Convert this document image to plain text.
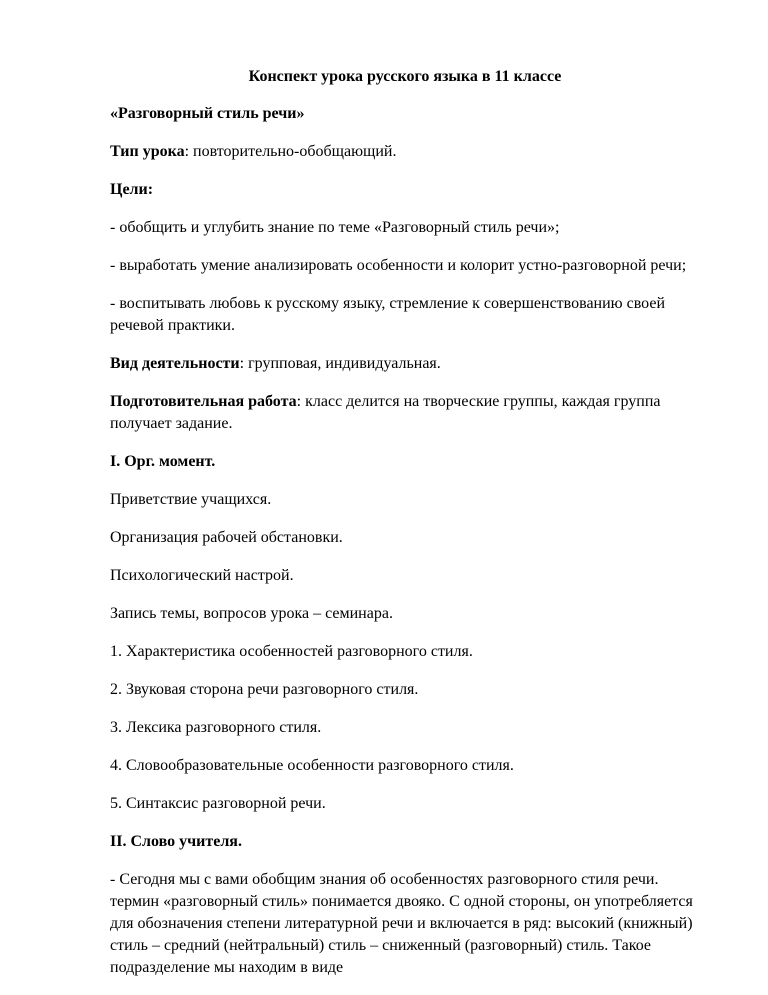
Конспект урока русского языка в 11 классе

«Разговорный стиль речи»

Тип урока: повторительно-обобщающий.

Цели:

- обобщить и углубить знание по теме «Разговорный стиль речи»;

- выработать умение анализировать особенности и колорит устно-разговорной речи;

- воспитывать любовь к русскому языку, стремление к совершенствованию своей речевой практики.

Вид деятельности: групповая, индивидуальная.

Подготовительная работа: класс делится на творческие группы, каждая группа получает задание.

I. Орг. момент.

Приветствие учащихся.

Организация рабочей обстановки.

Психологический настрой.

Запись темы, вопросов урока – семинара.

1. Характеристика особенностей разговорного стиля.

2. Звуковая сторона речи разговорного стиля.

3. Лексика разговорного стиля.

4. Словообразовательные особенности разговорного стиля.

5. Синтаксис разговорной речи.

II. Слово учителя.

- Сегодня мы с вами обобщим знания об особенностях разговорного стиля речи. термин «разговорный стиль» понимается двояко. С одной стороны, он употребляется для обозначения степени литературной речи и включается в ряд: высокий (книжный) стиль – средний (нейтральный) стиль – сниженный (разговорный) стиль. Такое подразделение мы находим в виде
